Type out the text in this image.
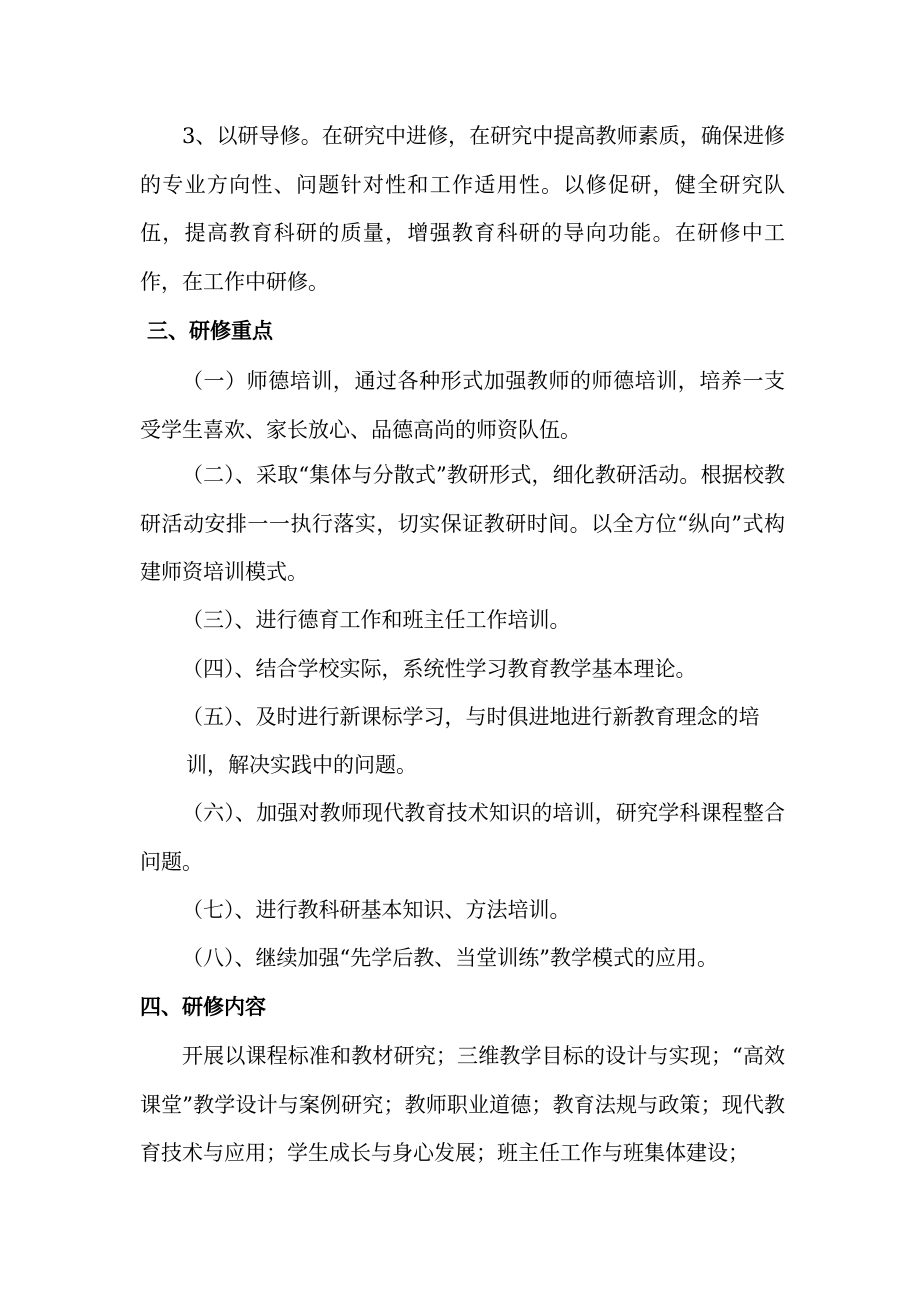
3、以研导修。在研究中进修，在研究中提高教师素质，确保进修的专业方向性、问题针对性和工作适用性。以修促研，健全研究队伍，提高教育科研的质量，增强教育科研的导向功能。在研修中工作，在工作中研修。

三、研修重点

（一）师德培训，通过各种形式加强教师的师德培训，培养一支受学生喜欢、家长放心、品德高尚的师资队伍。

（二）、采取“集体与分散式”教研形式，细化教研活动。根据校教研活动安排一一执行落实，切实保证教研时间。以全方位“纵向”式构建师资培训模式。

（三）、进行德育工作和班主任工作培训。

（四）、结合学校实际，系统性学习教育教学基本理论。

（五）、及时进行新课标学习，与时俱进地进行新教育理念的培

训，解决实践中的问题。

（六）、加强对教师现代教育技术知识的培训，研究学科课程整合问题。

（七）、进行教科研基本知识、方法培训。

（八）、继续加强“先学后教、当堂训练”教学模式的应用。

四、研修内容

开展以课程标准和教材研究；三维教学目标的设计与实现；“高效课堂”教学设计与案例研究；教师职业道德；教育法规与政策；现代教育技术与应用；学生成长与身心发展；班主任工作与班集体建设；
